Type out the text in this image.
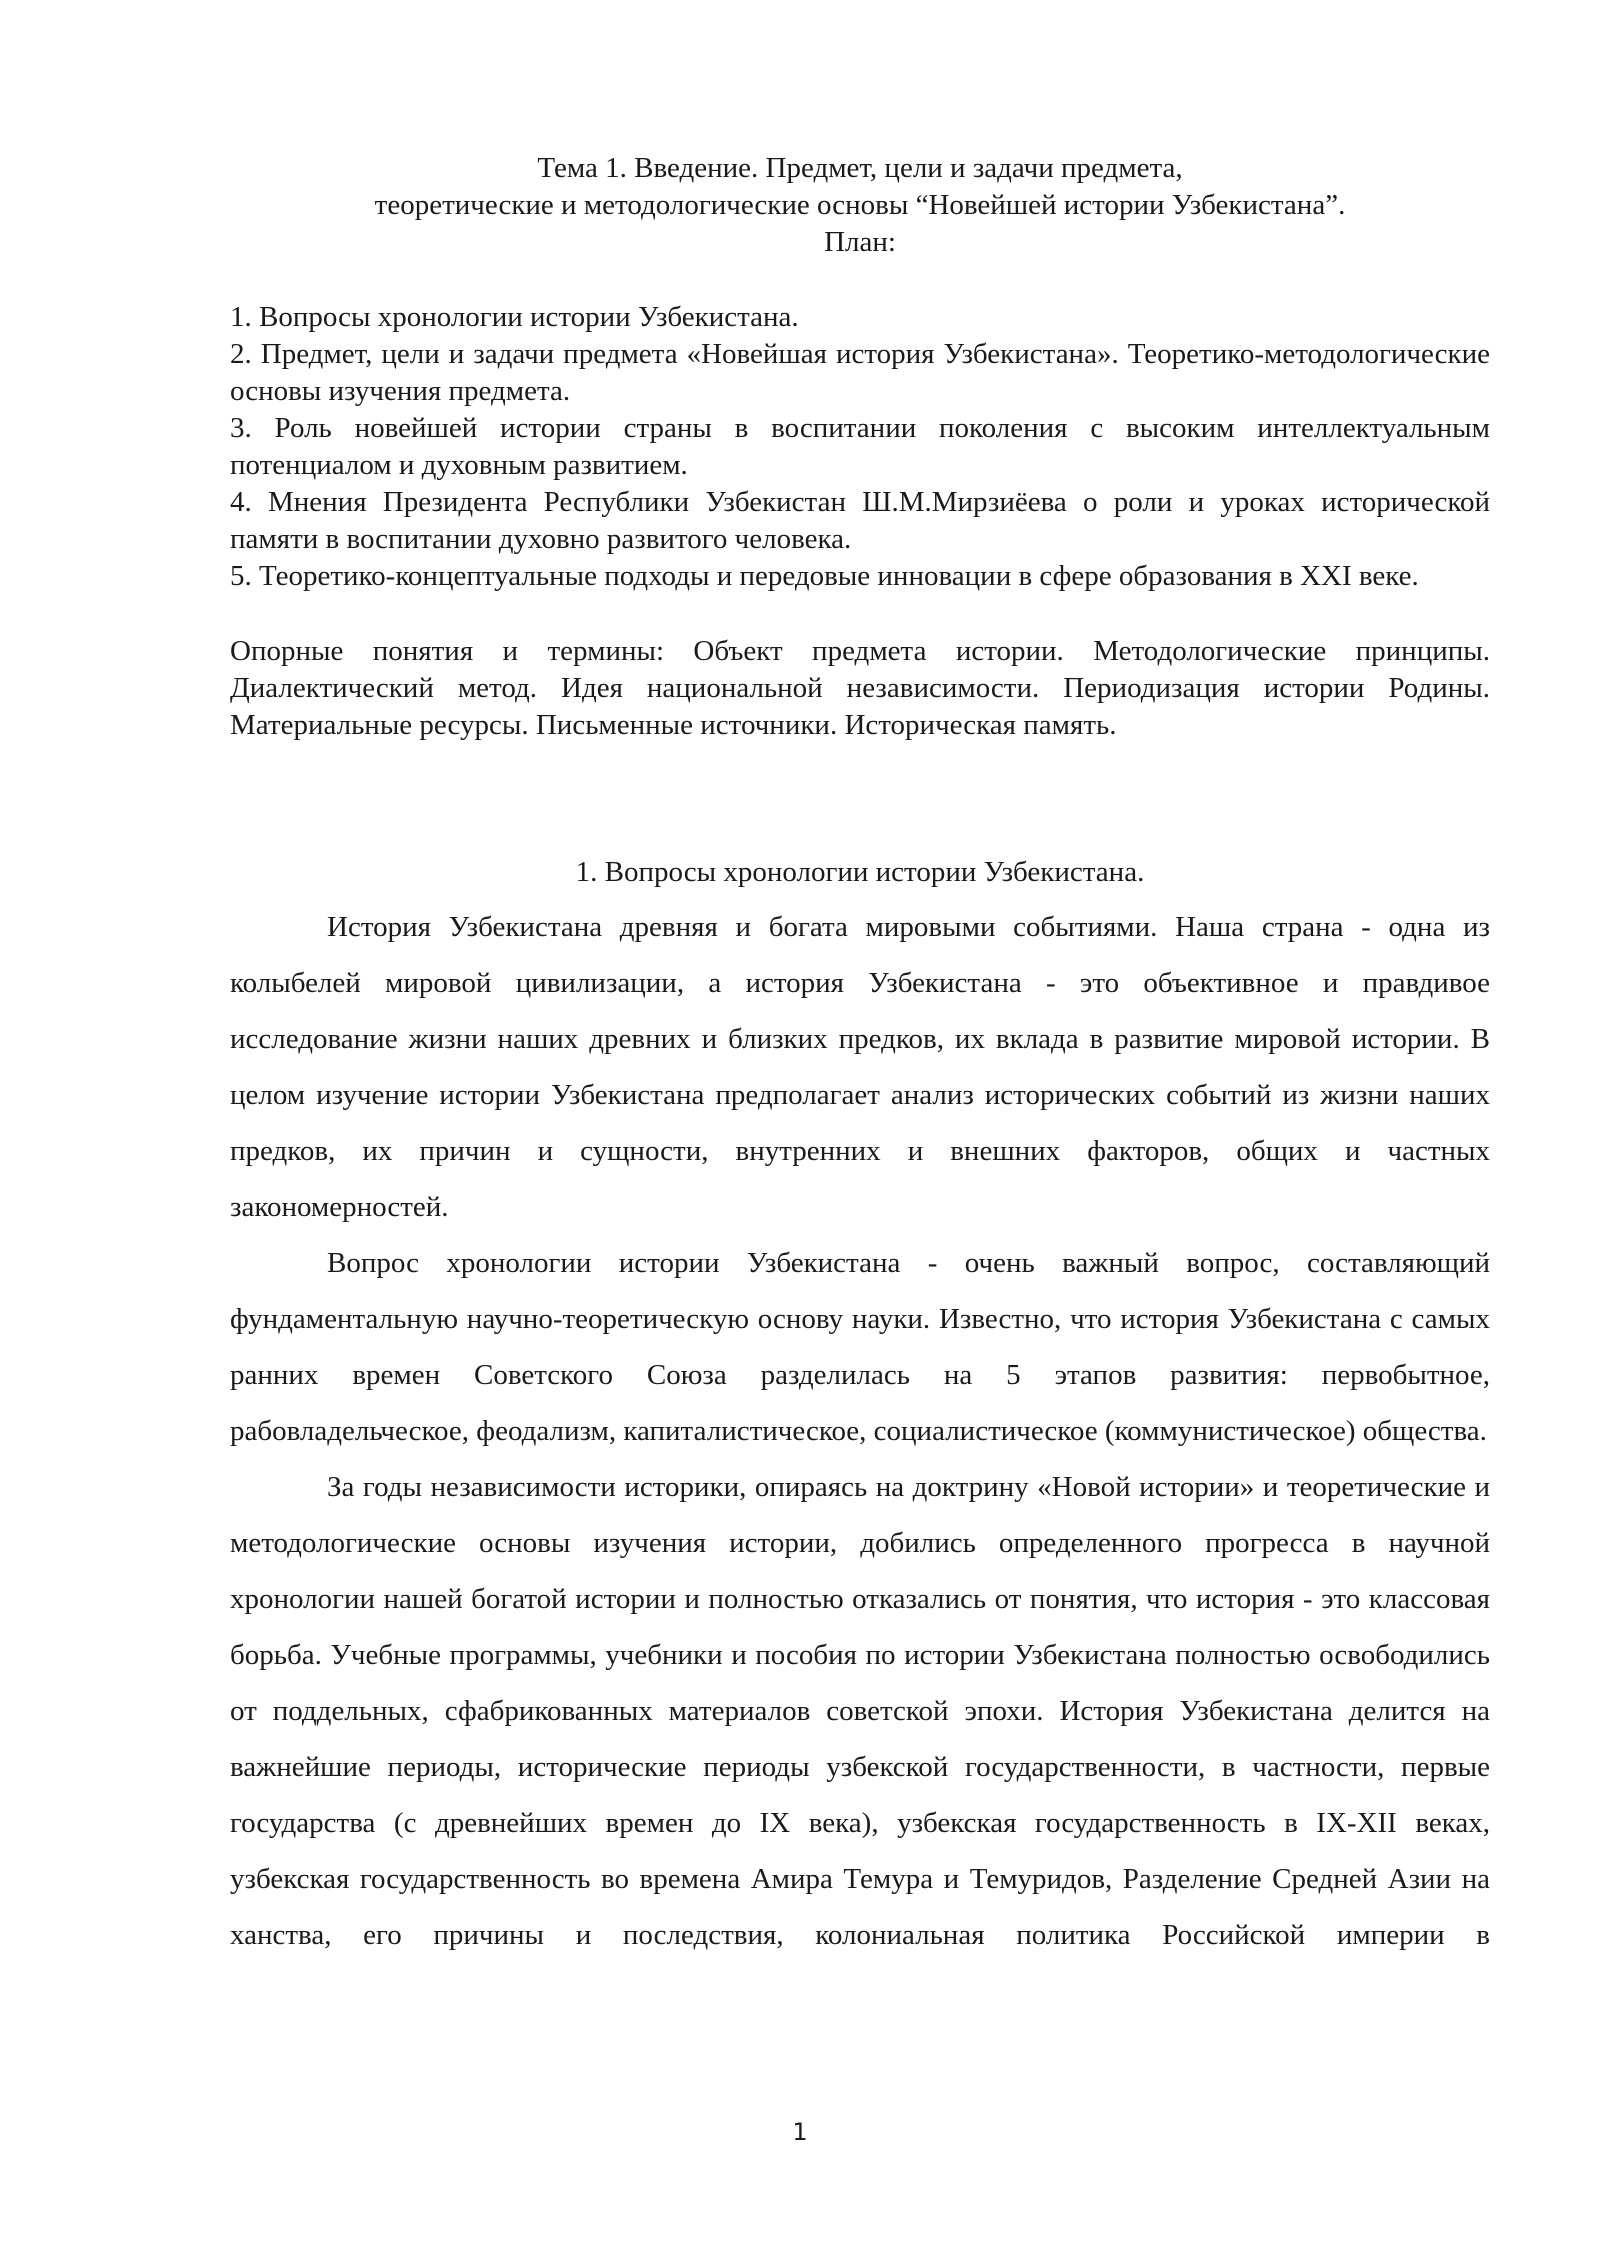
Тема 1. Введение. Предмет, цели и задачи предмета,
теоретические и методологические основы “Новейшей истории Узбекистана”.
План:

1. Вопросы хронологии истории Узбекистана.

2. Предмет, цели и задачи предмета «Новейшая история Узбекистана». Теоретико-методологические основы изучения предмета.

3. Роль новейшей истории страны в воспитании поколения с высоким интеллектуальным потенциалом и духовным развитием.

4. Мнения Президента Республики Узбекистан Ш.М.Мирзиёева о роли и уроках исторической памяти в воспитании духовно развитого человека.

5. Теоретико-концептуальные подходы и передовые инновации в сфере образования в XXI веке.

Опорные понятия и термины: Объект предмета истории. Методологические принципы. Диалектический метод. Идея национальной независимости. Периодизация истории Родины. Материальные ресурсы. Письменные источники. Историческая память.
1. Вопросы хронологии истории Узбекистана.

История Узбекистана древняя и богата мировыми событиями. Наша страна - одна из колыбелей мировой цивилизации, а история Узбекистана - это объективное и правдивое исследование жизни наших древних и близких предков, их вклада в развитие мировой истории. В целом изучение истории Узбекистана предполагает анализ исторических событий из жизни наших предков, их причин и сущности, внутренних и внешних факторов, общих и частных закономерностей.

Вопрос хронологии истории Узбекистана - очень важный вопрос, составляющий фундаментальную научно-теоретическую основу науки. Известно, что история Узбекистана с самых ранних времен Советского Союза разделилась на 5 этапов развития: первобытное, рабовладельческое, феодализм, капиталистическое, социалистическое (коммунистическое) общества.

За годы независимости историки, опираясь на доктрину «Новой истории» и теоретические и методологические основы изучения истории, добились определенного прогресса в научной хронологии нашей богатой истории и полностью отказались от понятия, что история - это классовая борьба. Учебные программы, учебники и пособия по истории Узбекистана полностью освободились от поддельных, сфабрикованных материалов советской эпохи. История Узбекистана делится на важнейшие периоды, исторические периоды узбекской государственности, в частности, первые государства (с древнейших времен до IX века), узбекская государственность в IX-XII веках, узбекская государственность во времена Амира Темура и Темуридов, Разделение Средней Азии на ханства, его причины и последствия, колониальная политика Российской империи в

1
